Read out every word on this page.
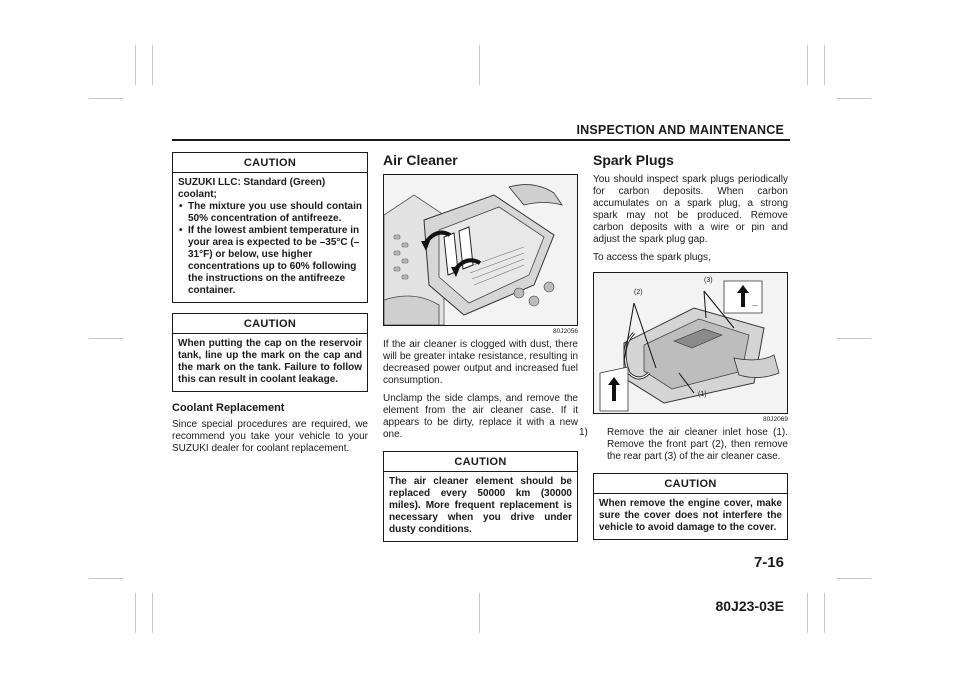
INSPECTION AND MAINTENANCE
CAUTION

SUZUKI LLC: Standard (Green) coolant;

• The mixture you use should contain 50% concentration of antifreeze.
• If the lowest ambient temperature in your area is expected to be –35°C (–31°F) or below, use higher concentrations up to 60% following the instructions on the antifreeze container.
CAUTION
When putting the cap on the reservoir tank, line up the mark on the cap and the mark on the tank. Failure to follow this can result in coolant leakage.
Coolant Replacement

Since special procedures are required, we recommend you take your vehicle to your SUZUKI dealer for coolant replacement.

Air Cleaner
80J2056

If the air cleaner is clogged with dust, there will be greater intake resistance, resulting in decreased power output and increased fuel consumption.

Unclamp the side clamps, and remove the element from the air cleaner case. If it appears to be dirty, replace it with a new one.

CAUTION
The air cleaner element should be replaced every 50000 km (30000 miles). More frequent replacement is necessary when you drive under dusty conditions.
Spark Plugs

You should inspect spark plugs periodically for carbon deposits. When carbon accumulates on a spark plug, a strong spark may not be produced. Remove carbon deposits with a wire or pin and adjust the spark plug gap.

To access the spark plugs,

—
(2)
(3)
(1)
80J2069
1) Remove the air cleaner inlet hose (1). Remove the front part (2), then remove the rear part (3) of the air cleaner case.
CAUTION
When remove the engine cover, make sure the cover does not interfere the vehicle to avoid damage to the cover.
7-16
80J23-03E
